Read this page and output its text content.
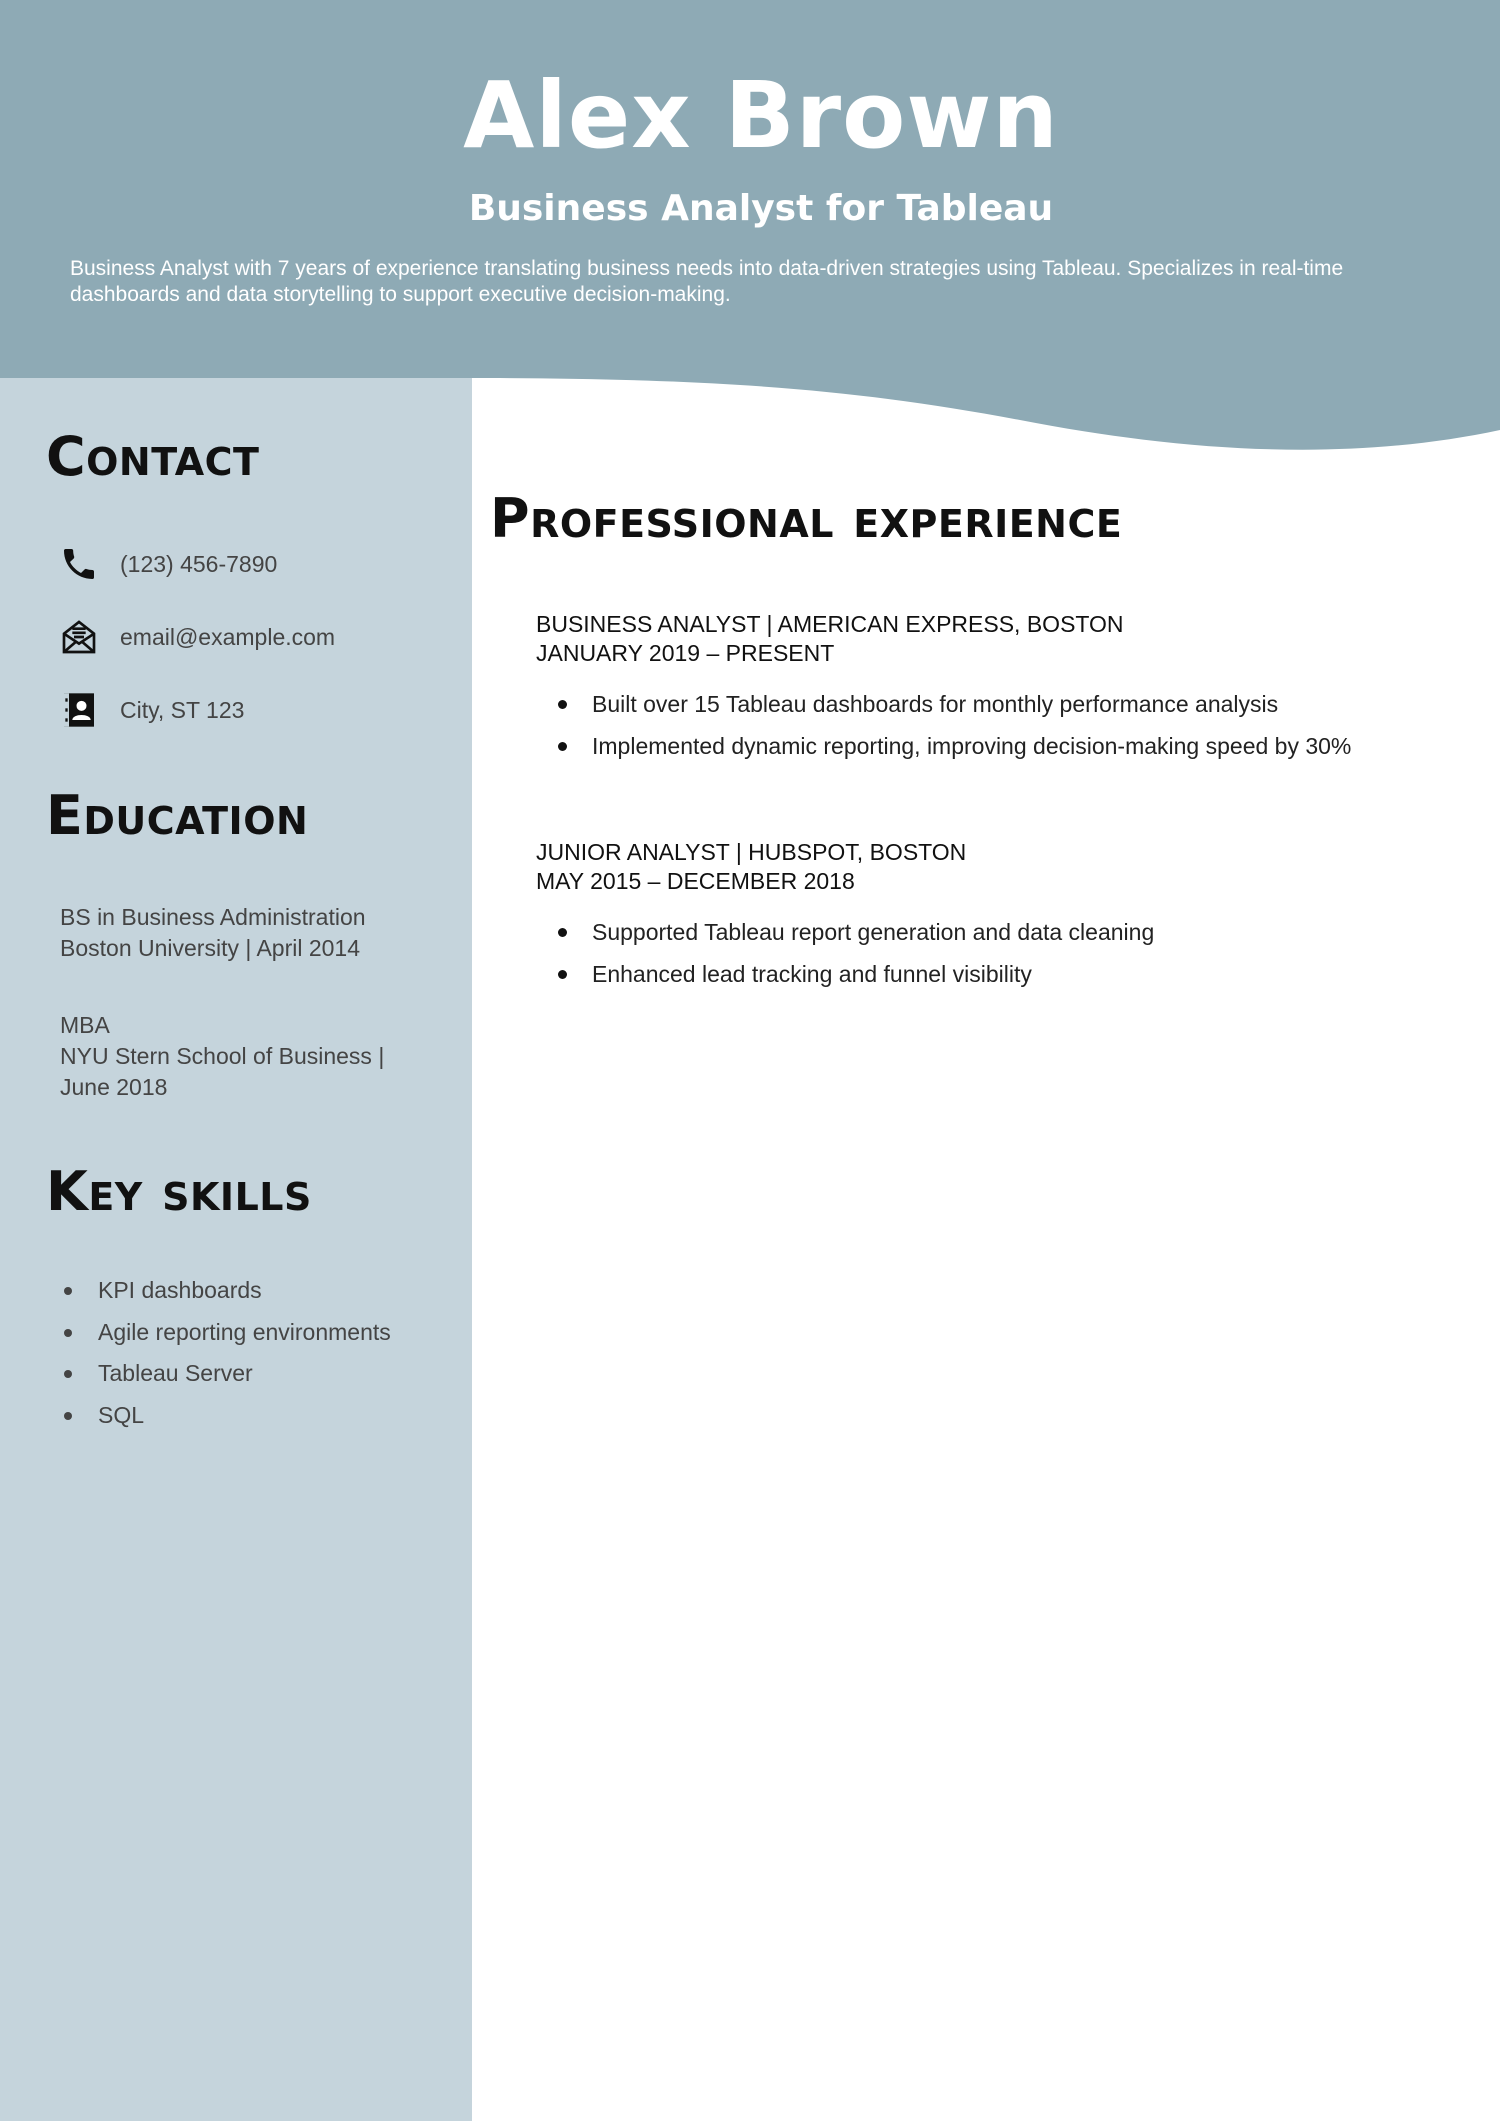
Alex Brown
Business Analyst for Tableau
Business Analyst with 7 years of experience translating business needs into data-driven strategies using Tableau. Specializes in real-time dashboards and data storytelling to support executive decision-making.
Contact
(123) 456-7890
email@example.com
City, ST 123
Education
BS in Business Administration
Boston University | April 2014
MBA
NYU Stern School of Business | June 2018
Key skills
KPI dashboards
Agile reporting environments
Tableau Server
SQL
Professional experience
BUSINESS ANALYST | AMERICAN EXPRESS, BOSTON
JANUARY 2019 – PRESENT
Built over 15 Tableau dashboards for monthly performance analysis
Implemented dynamic reporting, improving decision-making speed by 30%
JUNIOR ANALYST | HUBSPOT, BOSTON
MAY 2015 – DECEMBER 2018
Supported Tableau report generation and data cleaning
Enhanced lead tracking and funnel visibility
